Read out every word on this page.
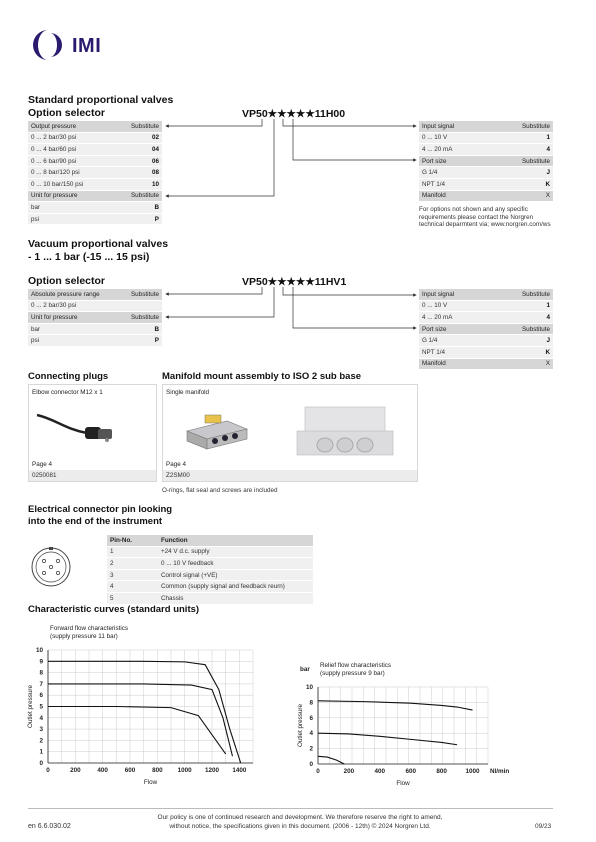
IMI
Standard proportional valves
Option selector	VP50★★★★★11H00
Output pressure	Substitute
0 ... 2 bar/30 psi	02
0 ... 4 bar/60 psi	04
0 ... 6 bar/90 psi	06
0 ... 8 bar/120 psi	08
0 ... 10 bar/150 psi	10
Unit for pressure	Substitute
bar	B
psi	P
Input signal	Substitute
0 ... 10 V	1
4 ... 20 mA	4
Port size	Substitute
G 1/4	J
NPT 1/4	K
Manifold	X
For options not shown and any specific requirements please contact the Norgren technical deparmtent via; www.norgren.com/ws
Vacuum proportional valves
- 1 ... 1 bar (-15 ... 15 psi)
Option selector	VP50★★★★★11HV1
Absolute pressure range	Substitute
0 ... 2 bar/30 psi	
Unit for pressure	Substitute
bar	B
psi	P
Input signal	Substitute
0 ... 10 V	1
4 ... 20 mA	4
Port size	Substitute
G 1/4	J
NPT 1/4	K
Manifold	X
Connecting plugs
Elbow connector M12 x 1
Page 4
0250081
Manifold mount assembly to ISO 2 sub base
Single manifold
Page 4
Z2SM00
O-rings, flat seal and screws are included
Electrical connector pin looking
into the end of the instrument
Pin-No.	Function
1	+24 V d.c. supply
2	0 ... 10 V feedback
3	Control signal (+VE)
4	Common (supply signal and feedback reurn)
5	Chassis
Characteristic curves (standard units)
Forward flow characteristics
(supply pressure 11 bar)
0
1
2
3
4
5
6
7
8
9
10
0	200	400	600	800 1000 1200 1400
Flow
Outlet pressure
Relief flow characteristics
(supply pressure 9 bar)
bar
0
2
4
6
8
10
0	200	400	600	800	1000 Nl/min
Flow
Outlet pressure
en 6.6.030.02
Our policy is one of continued research and development. We therefore reserve the right to amend,
without notice, the specifications given in this document. (2006 - 12th) © 2024 Norgren Ltd.	09/23
